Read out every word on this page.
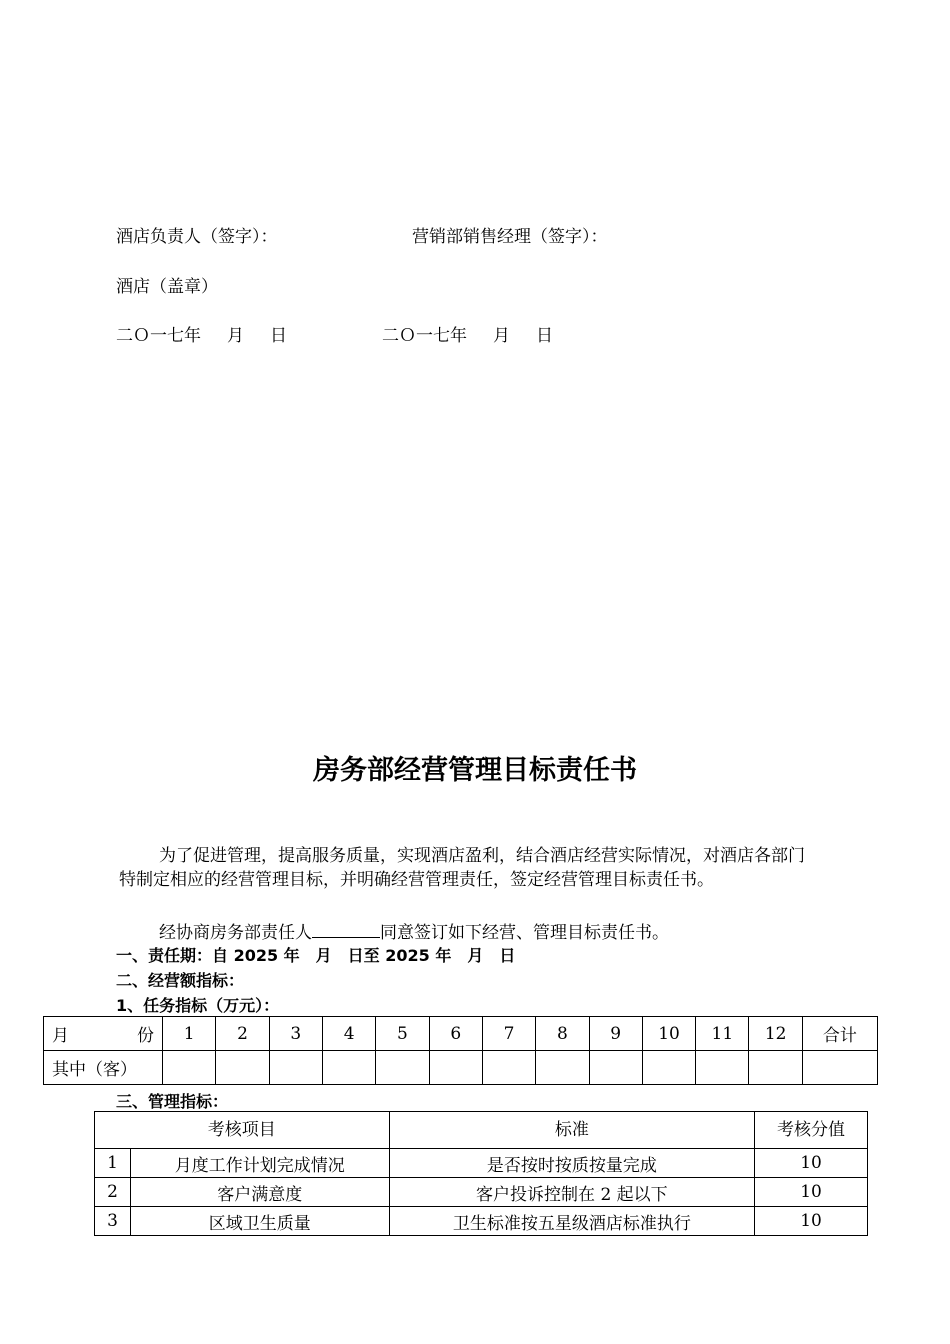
酒店负责人（签字）：	营销部销售经理（签字）：
酒店（盖章）
二Ｏ一七年 月 日	二Ｏ一七年 月 日
房务部经营管理目标责任书
为了促进管理，提高服务质量，实现酒店盈利，结合酒店经营实际情况，对酒店各部门特制定相应的经营管理目标，并明确经营管理责任，签定经营管理目标责任书。
经协商房务部责任人	同意签订如下经营、管理目标责任书。
一、责任期：自 2025 年　月　日至 2025 年　月　日
二、经营额指标：
1、任务指标（万元）：
月 份	1	2	3	4	5	6	7	8	9	10	11	12	合计
其中（客）													
三、管理指标：
考核项目		标准	考核分值
1	月度工作计划完成情况	是否按时按质按量完成	10
2	客户满意度	客户投诉控制在 2 起以下	10
3	区域卫生质量	卫生标准按五星级酒店标准执行	10
